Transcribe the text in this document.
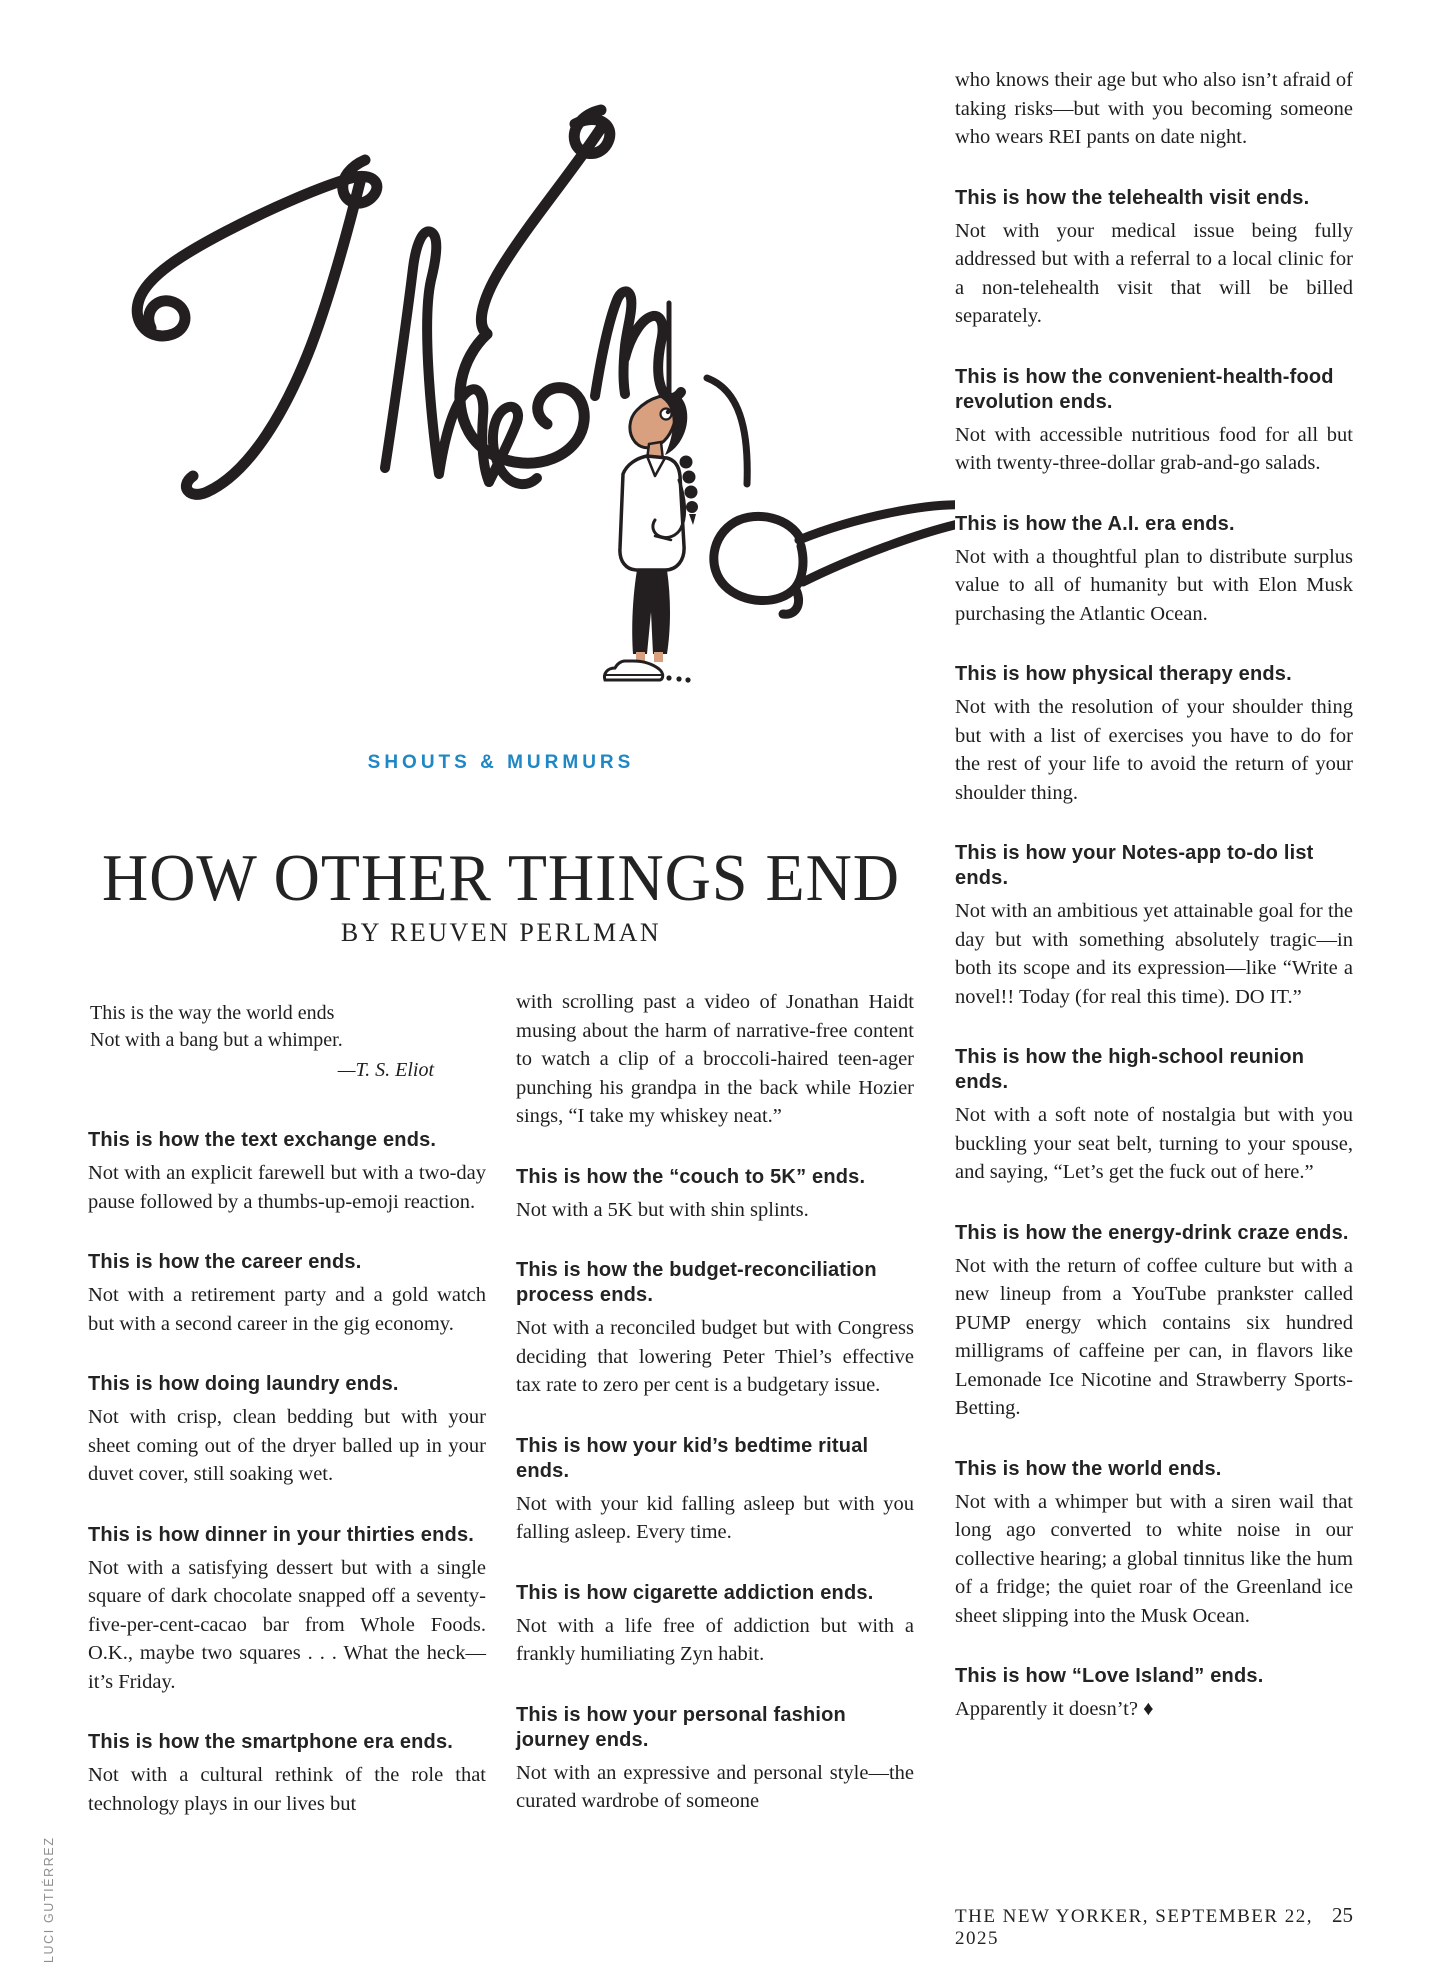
SHOUTS & MURMURS
HOW OTHER THINGS END
BY REUVEN PERLMAN
This is the way the world ends
Not with a bang but a whimper.
—T. S. Eliot
This is how the text exchange ends.

Not with an explicit farewell but with a two-day pause followed by a thumbs-up-emoji reaction.

This is how the career ends.

Not with a retirement party and a gold watch but with a second career in the gig economy.

This is how doing laundry ends.

Not with crisp, clean bedding but with your sheet coming out of the dryer balled up in your duvet cover, still soaking wet.

This is how dinner in your thirties ends.

Not with a satisfying dessert but with a single square of dark chocolate snapped off a seventy-five-per-cent-cacao bar from Whole Foods. O.K., maybe two squares . . . What the heck—it’s Friday.

This is how the smartphone era ends.

Not with a cultural rethink of the role that technology plays in our lives but

with scrolling past a video of Jonathan Haidt musing about the harm of narrative-free content to watch a clip of a broccoli-haired teen-ager punching his grandpa in the back while Hozier sings, “I take my whiskey neat.”

This is how the “couch to 5K” ends.

Not with a 5K but with shin splints.

This is how the budget-reconciliation process ends.

Not with a reconciled budget but with Congress deciding that lowering Peter Thiel’s effective tax rate to zero per cent is a budgetary issue.

This is how your kid’s bedtime ritual ends.

Not with your kid falling asleep but with you falling asleep. Every time.

This is how cigarette addiction ends.

Not with a life free of addiction but with a frankly humiliating Zyn habit.

This is how your personal fashion journey ends.

Not with an expressive and personal style—the curated wardrobe of someone

who knows their age but who also isn’t afraid of taking risks—but with you becoming someone who wears REI pants on date night.

This is how the telehealth visit ends.

Not with your medical issue being fully addressed but with a referral to a local clinic for a non-telehealth visit that will be billed separately.

This is how the convenient-health-food revolution ends.

Not with accessible nutritious food for all but with twenty-three-dollar grab-and-go salads.

This is how the A.I. era ends.

Not with a thoughtful plan to distribute surplus value to all of humanity but with Elon Musk purchasing the Atlantic Ocean.

This is how physical therapy ends.

Not with the resolution of your shoulder thing but with a list of exercises you have to do for the rest of your life to avoid the return of your shoulder thing.

This is how your Notes-app to-do list ends.

Not with an ambitious yet attainable goal for the day but with something absolutely tragic—in both its scope and its expression—like “Write a novel!! Today (for real this time). DO IT.”

This is how the high-school reunion ends.

Not with a soft note of nostalgia but with you buckling your seat belt, turning to your spouse, and saying, “Let’s get the fuck out of here.”

This is how the energy-drink craze ends.

Not with the return of coffee culture but with a new lineup from a YouTube prankster called PUMP energy which contains six hundred milligrams of caffeine per can, in flavors like Lemonade Ice Nicotine and Strawberry Sports-Betting.

This is how the world ends.

Not with a whimper but with a siren wail that long ago converted to white noise in our collective hearing; a global tinnitus like the hum of a fridge; the quiet roar of the Greenland ice sheet slipping into the Musk Ocean.

This is how “Love Island” ends.

Apparently it doesn’t? ♦

THE NEW YORKER, SEPTEMBER 22, 2025
25
LUCI GUTIÉRREZ
